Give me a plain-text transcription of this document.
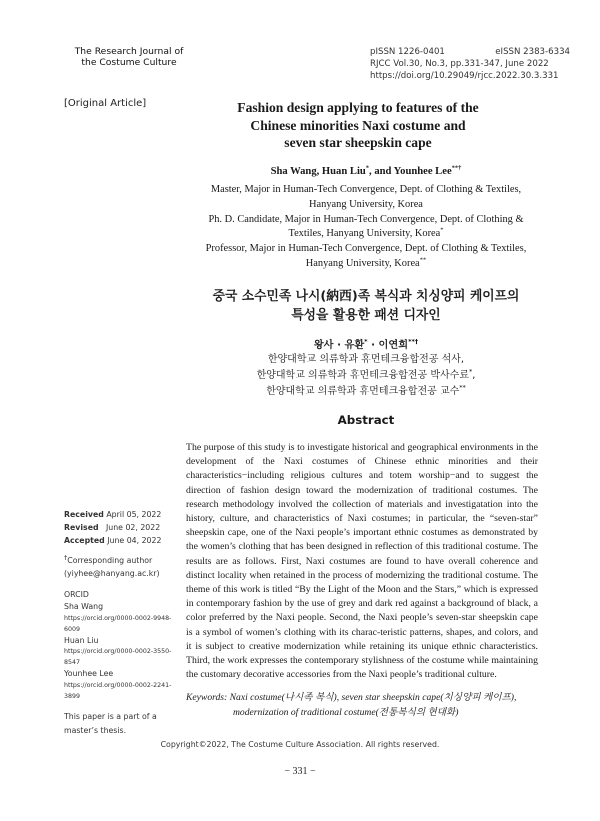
The Research Journal of
the Costume Culture
pISSN 1226-0401	eISSN 2383-6334
RJCC Vol.30, No.3, pp.331-347, June 2022
https://doi.org/10.29049/rjcc.2022.30.3.331
[Original Article]	Fashion design applying to features of the
Chinese minorities Naxi costume and
seven star sheepskin cape
Sha Wang, Huan Liu*, and Younhee Lee**†
Master, Major in Human-Tech Convergence, Dept. of Clothing & Textiles,
Hanyang University, Korea
Ph. D. Candidate, Major in Human-Tech Convergence, Dept. of Clothing &
Textiles, Hanyang University, Korea*
Professor, Major in Human-Tech Convergence, Dept. of Clothing & Textiles,
Hanyang University, Korea**
중국 소수민족 나시(納西)족 복식과 치싱양피 케이프의
특성을 활용한 패션 디자인
왕사 · 유환* · 이연희**†
한양대학교 의류학과 휴먼테크융합전공 석사,
한양대학교 의류학과 휴먼테크융합전공 박사수료*,
한양대학교 의류학과 휴먼테크융합전공 교수**
Abstract
The purpose of this study is to investigate historical and geographical environments in the development of the Naxi costumes of Chinese ethnic minorities and their characteristics−including religious cultures and totem worship−and to suggest the direction of fashion design toward the modernization of traditional costumes. The research methodology involved the collection of materials and investigatation into the history, culture, and characteristics of Naxi costumes; in particular, the “seven-star” sheepskin cape, one of the Naxi people’s important ethnic costumes as demonstrated by the women’s clothing that has been designed in reflection of this traditional costume. The results are as follows. First, Naxi costumes are found to have overall coherence and distinct locality when retained in the process of modernizing the traditional costume. The theme of this work is titled “By the Light of the Moon and the Stars,” which is expressed in contemporary fashion by the use of grey and dark red against a background of black, a color preferred by the Naxi people. Second, the Naxi people’s seven-star sheepskin cape is a symbol of women’s clothing with its charac-teristic patterns, shapes, and colors, and it is subject to creative modernization while retaining its unique ethnic characteristics. Third, the work expresses the contemporary stylishness of the costume while maintaining the customary decorative accessories from the Naxi people’s traditional culture.
Keywords: Naxi costume(나시족 복식), seven star sheepskin cape(치싱양피 케이프),
modernization of traditional costume(전통복식의 현대화)
Received April 05, 2022
Revised June 02, 2022
Accepted June 04, 2022
†Corresponding author
(yiyhee@hanyang.ac.kr)
ORCID
Sha Wang
https://orcid.org/0000-0002-9948-6009
Huan Liu
https://orcid.org/0000-0002-3550-8547
Younhee Lee
https://orcid.org/0000-0002-2241-3899
This paper is a part of a
master’s thesis.
Copyright©2022, The Costume Culture Association. All rights reserved.
− 331 −
